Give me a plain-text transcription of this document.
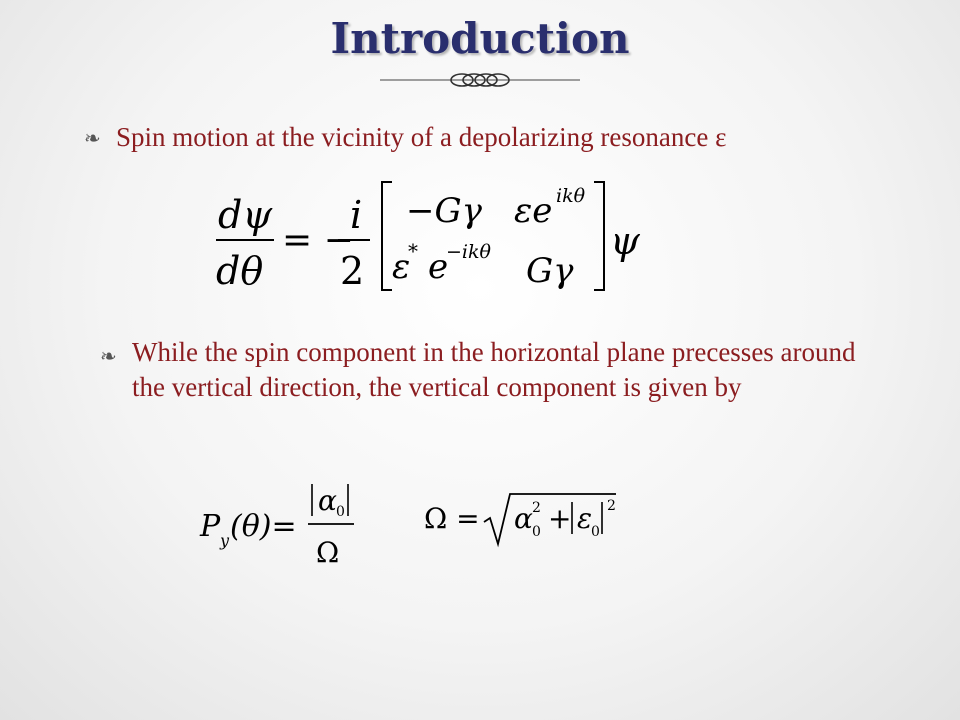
Introduction
❧ Spin motion at the vicinity of a depolarizing resonance ε
dψ
dθ
= −
i
2
−Gγ εe ikθ
ε
* e
−ikθ Gγ
ψ
❧ While the spin component in the horizontal plane precesses around the vertical direction, the vertical component is given by
P y (θ)=
α 0
Ω
Ω = α 0
2 + ε
0
2
